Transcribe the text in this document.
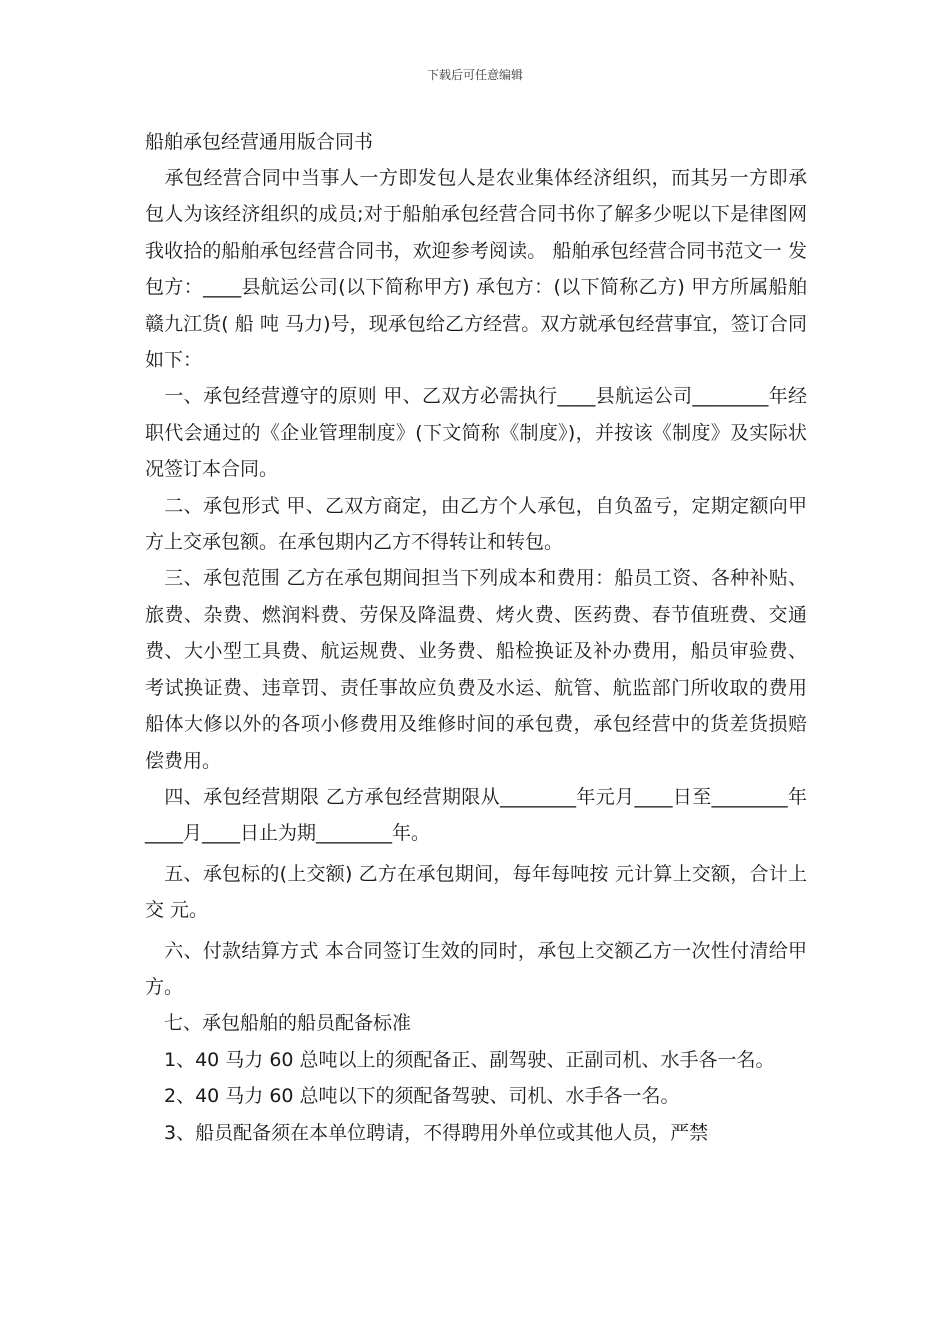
下载后可任意编辑
船舶承包经营通用版合同书

　承包经营合同中当事人一方即发包人是农业集体经济组织，而其另一方即承包人为该经济组织的成员;对于船舶承包经营合同书你了解多少呢以下是律图网我收拾的船舶承包经营合同书，欢迎参考阅读。 船舶承包经营合同书范文一 发包方：____县航运公司(以下简称甲方) 承包方：(以下简称乙方) 甲方所属船舶赣九江货( 船 吨 马力)号，现承包给乙方经营。双方就承包经营事宜，签订合同如下：

　一、承包经营遵守的原则 甲、乙双方必需执行____县航运公司________年经职代会通过的《企业管理制度》(下文简称《制度》)，并按该《制度》及实际状况签订本合同。

　二、承包形式 甲、乙双方商定，由乙方个人承包，自负盈亏，定期定额向甲方上交承包额。在承包期内乙方不得转让和转包。

　三、承包范围 乙方在承包期间担当下列成本和费用：船员工资、各种补贴、旅费、杂费、燃润料费、劳保及降温费、烤火费、医药费、春节值班费、交通费、大小型工具费、航运规费、业务费、船检换证及补办费用，船员审验费、考试换证费、违章罚、责任事故应负费及水运、航管、航监部门所收取的费用船体大修以外的各项小修费用及维修时间的承包费，承包经营中的货差货损赔偿费用。

　四、承包经营期限 乙方承包经营期限从________年元月____日至________年____月____日止为期________年。

　五、承包标的(上交额) 乙方在承包期间，每年每吨按 元计算上交额，合计上交 元。

　六、付款结算方式 本合同签订生效的同时，承包上交额乙方一次性付清给甲方。

　七、承包船舶的船员配备标准

　1、40 马力 60 总吨以上的须配备正、副驾驶、正副司机、水手各一名。

　2、40 马力 60 总吨以下的须配备驾驶、司机、水手各一名。

　3、船员配备须在本单位聘请，不得聘用外单位或其他人员，严禁
